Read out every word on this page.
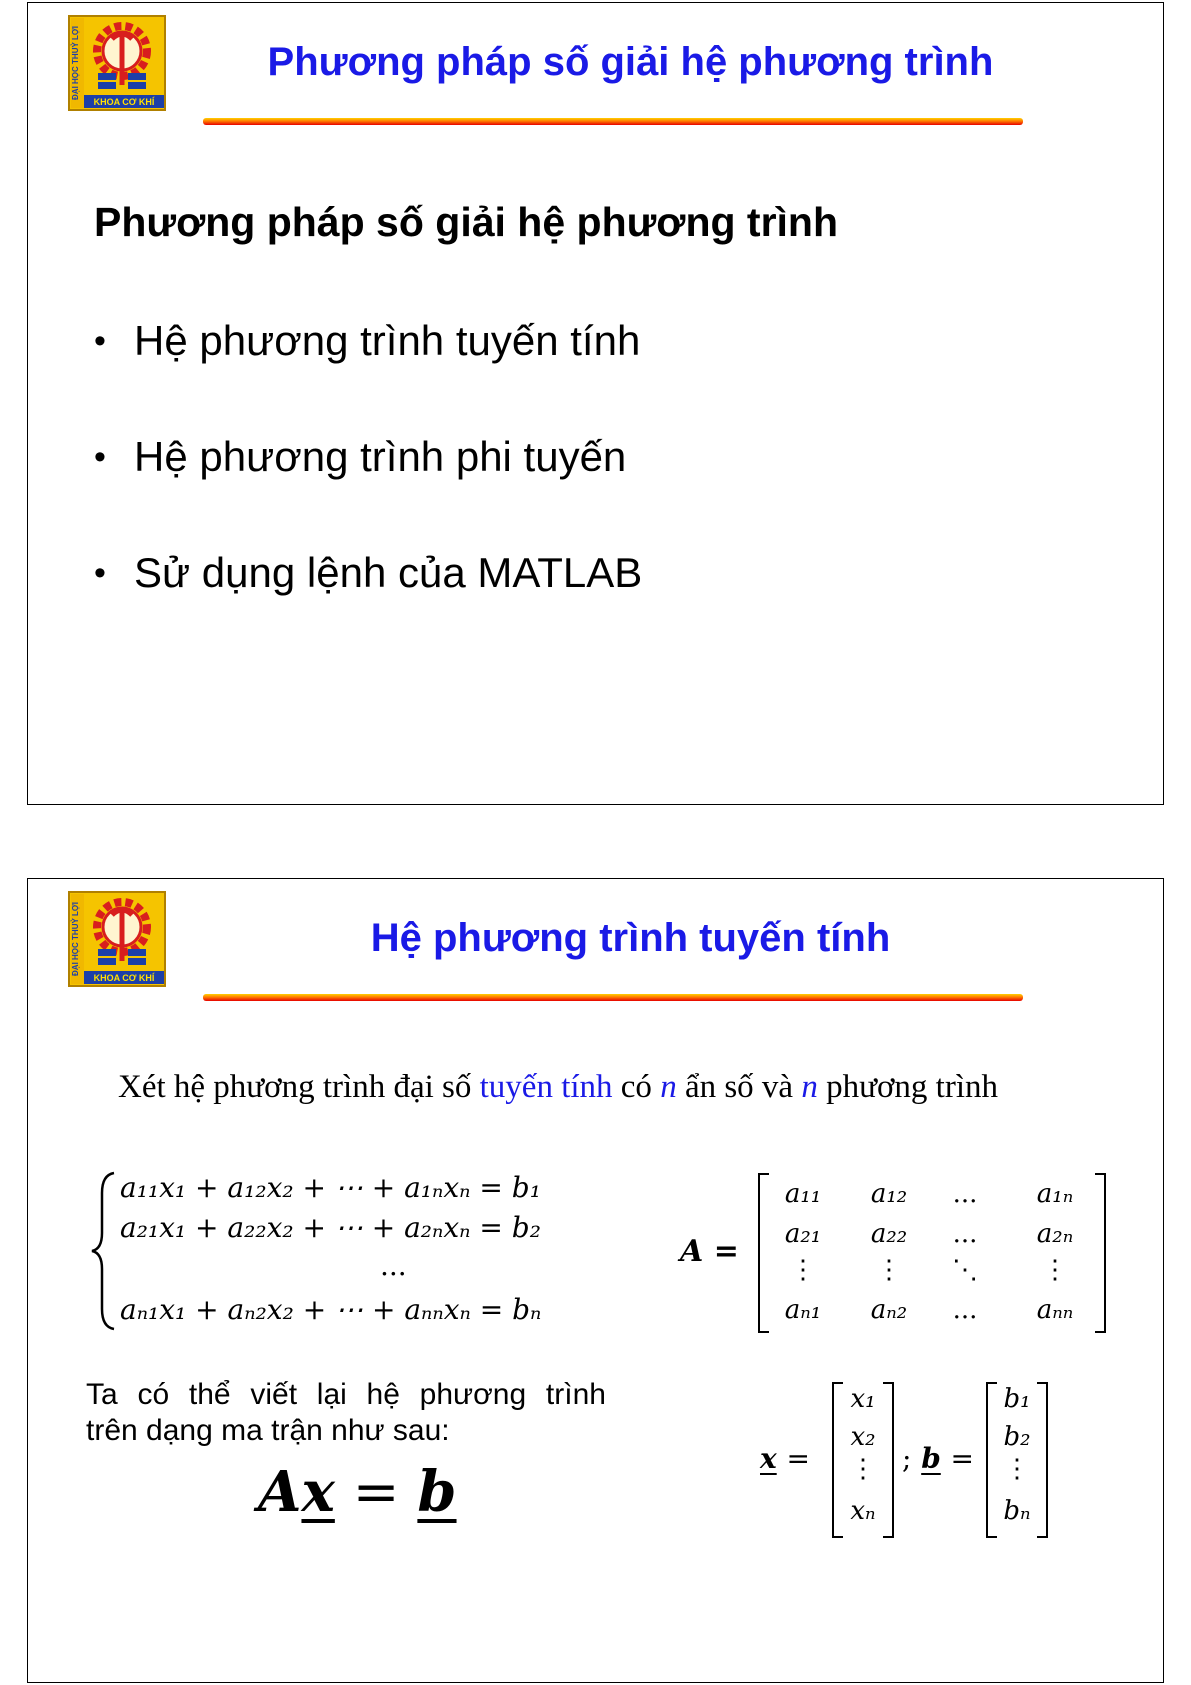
ĐẠI HỌC THUỶ LỢI
KHOA CƠ KHÍ
Phương pháp số giải hệ phương trình
Phương pháp số giải hệ phương trình
• Hệ phương trình tuyến tính
• Hệ phương trình phi tuyến
• Sử dụng lệnh của MATLAB
ĐẠI HỌC THUỶ LỢI
KHOA CƠ KHÍ
Hệ phương trình tuyến tính
Xét hệ phương trình đại số tuyến tính có n ẩn số và n phương trình
a₁₁x₁ + a₁₂x₂ + ⋯ + a₁ₙxₙ = b₁
a₂₁x₁ + a₂₂x₂ + ⋯ + a₂ₙxₙ = b₂
...
aₙ₁x₁ + aₙ₂x₂ + ⋯ + aₙₙxₙ = bₙ
A =
a₁₁	a₁₂	...	a₁ₙ
a₂₁	a₂₂	...	a₂ₙ
⋮	⋮	⋱	⋮
aₙ₁	aₙ₂	...	aₙₙ
Ta có thể viết lại hệ phương trình
trên dạng ma trận như sau:
Ax = b
x =
x₁
x₂
⋮
xₙ
; b =
b₁
b₂
⋮
bₙ
